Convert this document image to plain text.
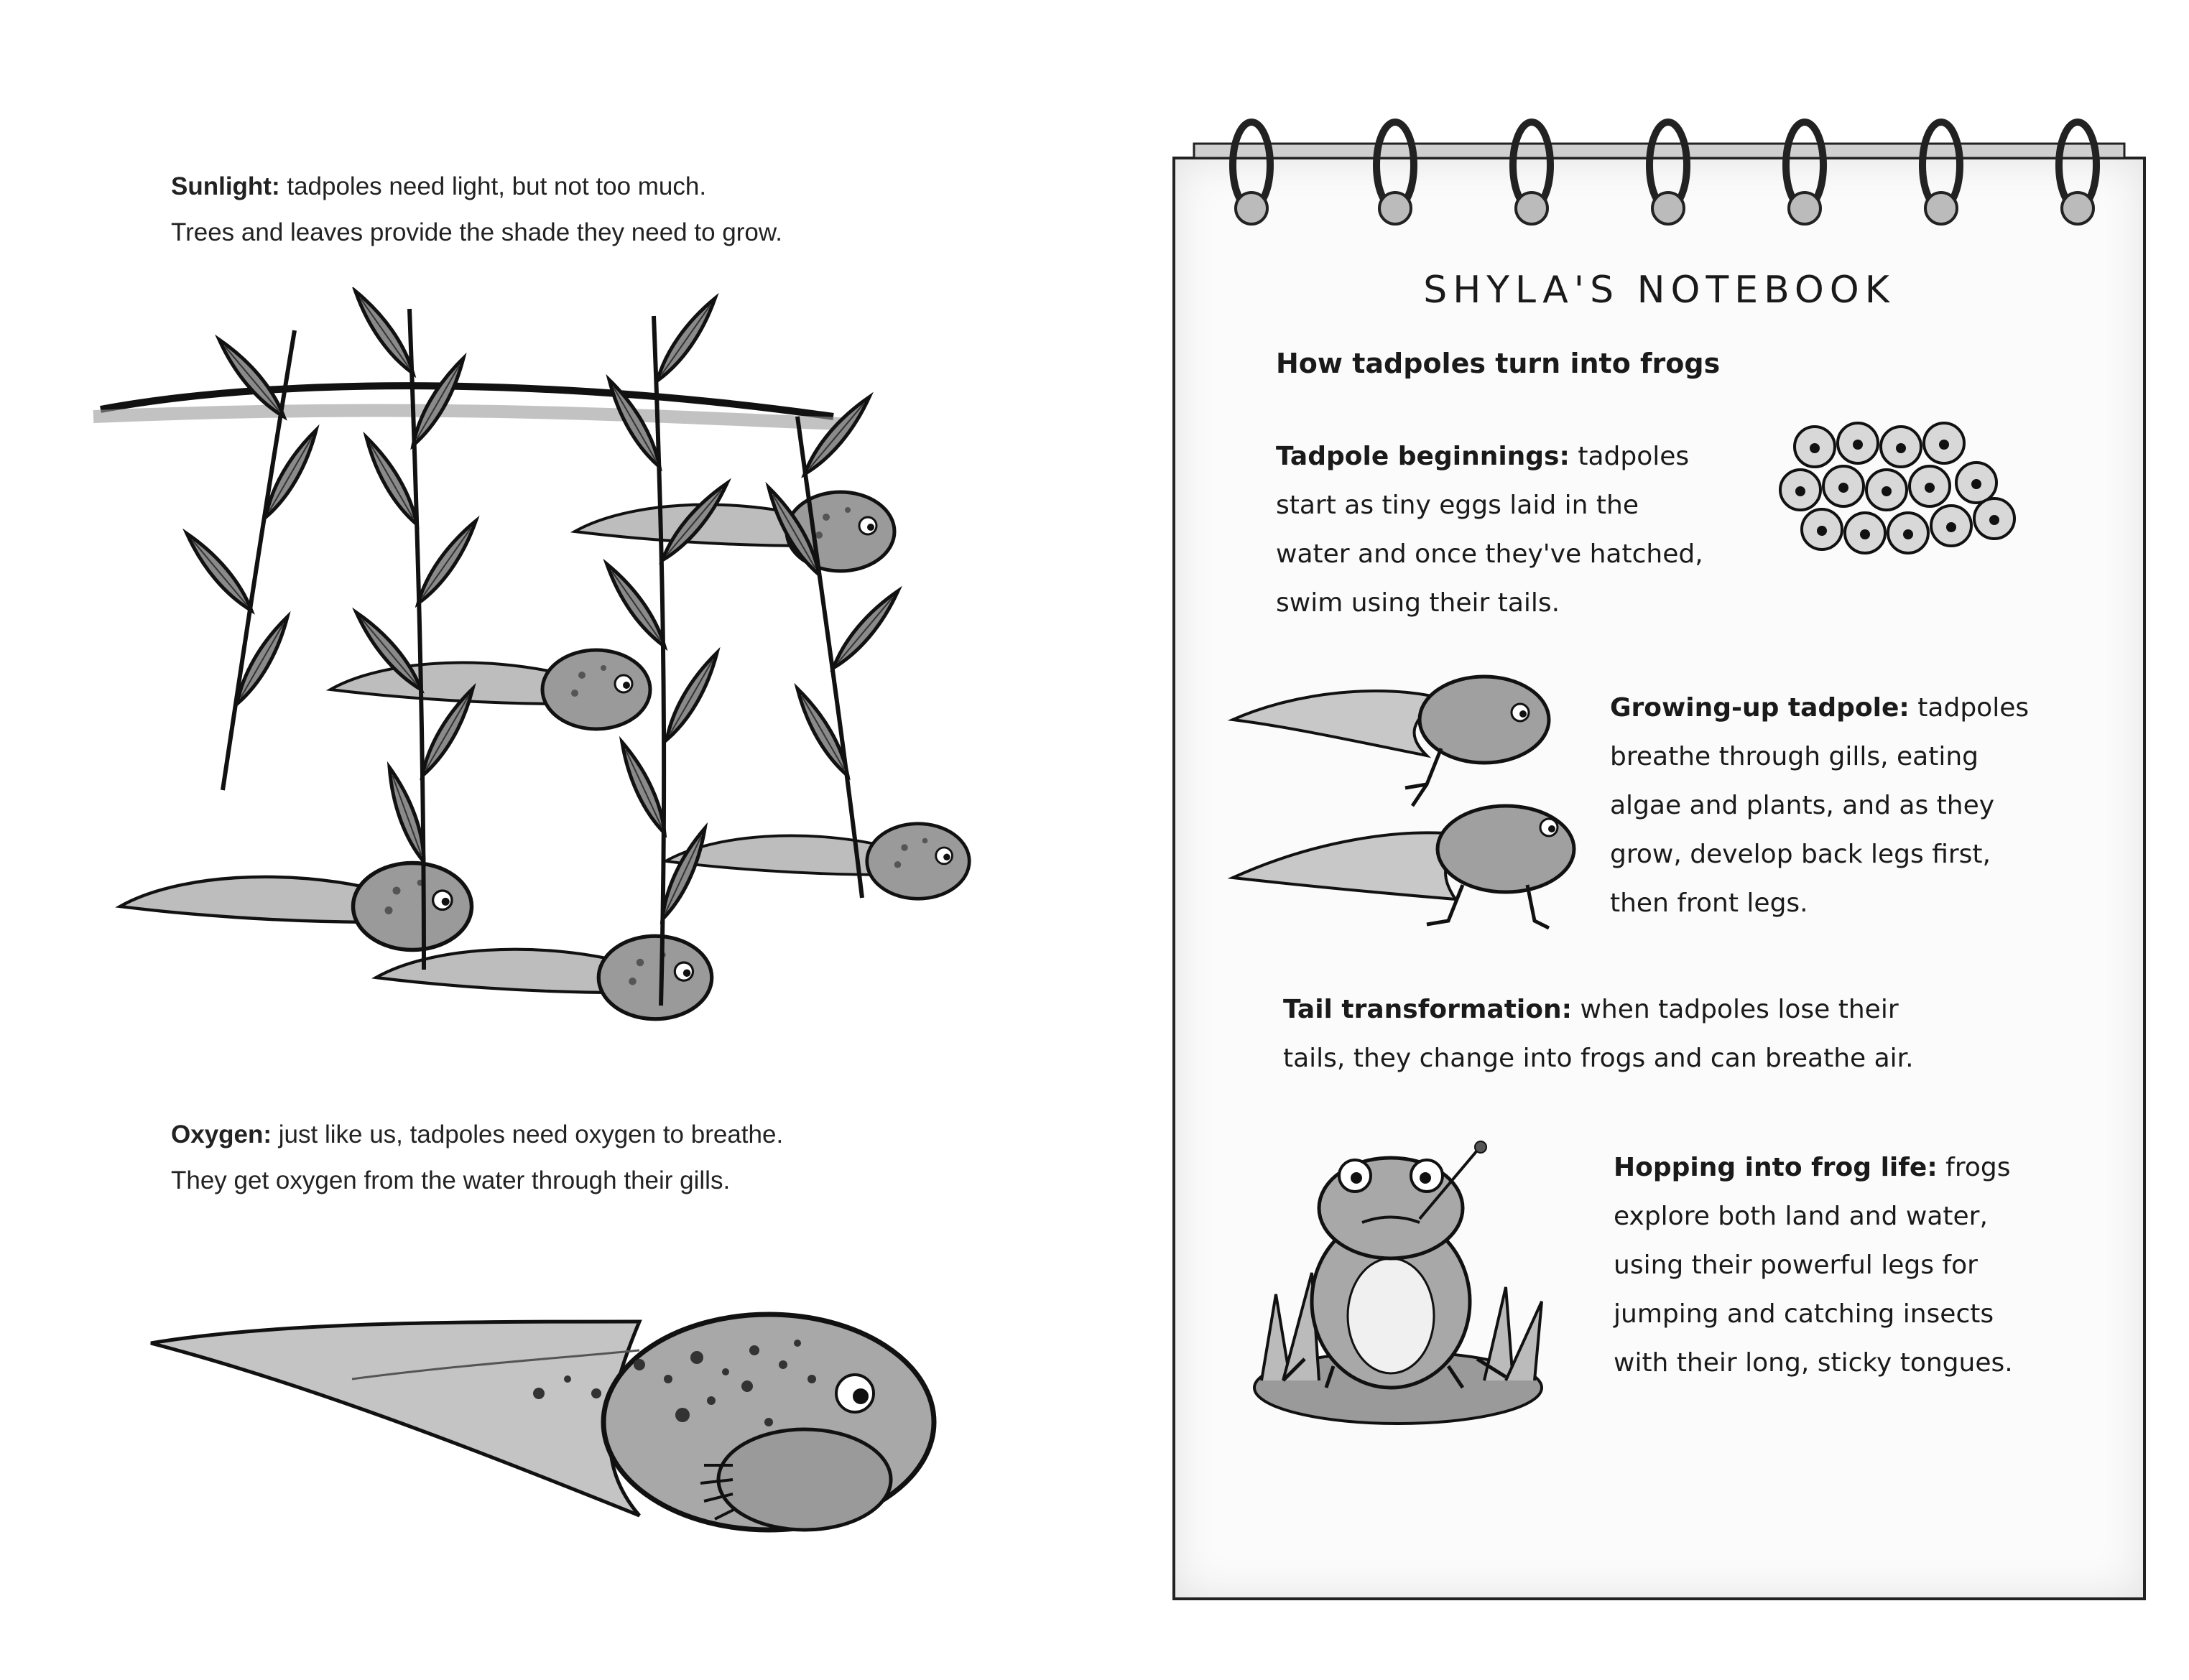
Sunlight: tadpoles need light, but not too much.
Trees and leaves provide the shade they need to grow.
Oxygen: just like us, tadpoles need oxygen to breathe.
They get oxygen from the water through their gills.
SHYLA'S NOTEBOOK
How tadpoles turn into frogs
Tadpole beginnings: tadpoles
start as tiny eggs laid in the
water and once they've hatched,
swim using their tails.
Growing-up tadpole: tadpoles
breathe through gills, eating
algae and plants, and as they
grow, develop back legs first,
then front legs.
Tail transformation: when tadpoles lose their
tails, they change into frogs and can breathe air.
Hopping into frog life: frogs
explore both land and water,
using their powerful legs for
jumping and catching insects
with their long, sticky tongues.
